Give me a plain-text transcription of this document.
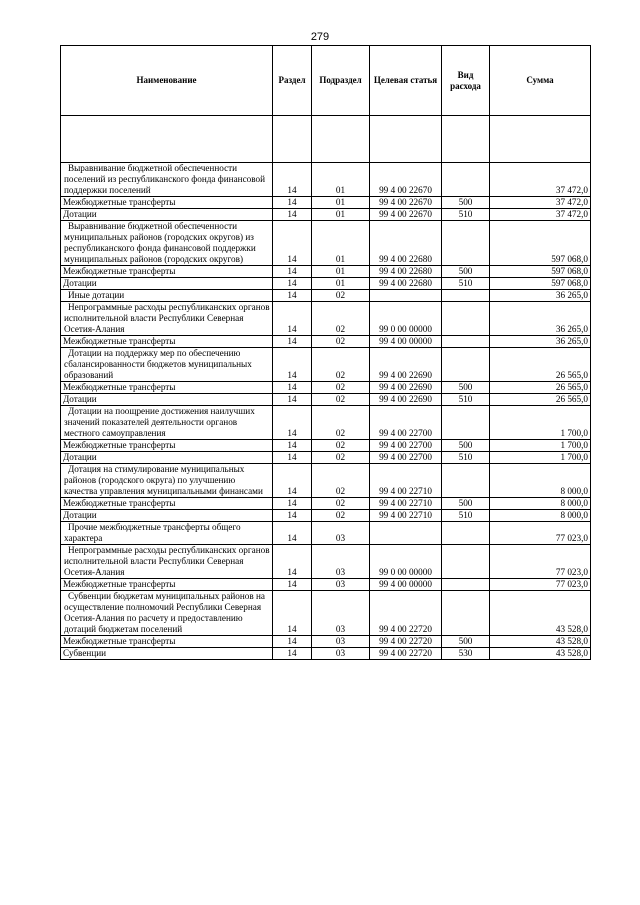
279
Наименование	Раздел	Подраздел	Целевая статья	Вид расхода	Сумма

Выравнивание бюджетной обеспеченности поселений из республиканского фонда финансовой поддержки поселений	14	01	99 4 00 22670		37 472,0
Межбюджетные трансферты	14	01	99 4 00 22670	500	37 472,0
Дотации	14	01	99 4 00 22670	510	37 472,0
Выравнивание бюджетной обеспеченности муниципальных районов (городских округов) из республиканского фонда финансовой поддержки муниципальных районов (городских округов)	14	01	99 4 00 22680		597 068,0
Межбюджетные трансферты	14	01	99 4 00 22680	500	597 068,0
Дотации	14	01	99 4 00 22680	510	597 068,0
Иные дотации	14	02			36 265,0
Непрограммные расходы республиканских органов исполнительной власти Республики Северная Осетия-Алания	14	02	99 0 00 00000		36 265,0
Межбюджетные трансферты	14	02	99 4 00 00000		36 265,0
Дотации на поддержку мер по обеспечению сбалансированности бюджетов муниципальных образований	14	02	99 4 00 22690		26 565,0
Межбюджетные трансферты	14	02	99 4 00 22690	500	26 565,0
Дотации	14	02	99 4 00 22690	510	26 565,0
Дотации на поощрение достижения наилучших значений показателей деятельности органов местного самоуправления	14	02	99 4 00 22700		1 700,0
Межбюджетные трансферты	14	02	99 4 00 22700	500	1 700,0
Дотации	14	02	99 4 00 22700	510	1 700,0
Дотация на стимулирование муниципальных районов (городского округа) по улучшению качества управления муниципальными финансами	14	02	99 4 00 22710		8 000,0
Межбюджетные трансферты	14	02	99 4 00 22710	500	8 000,0
Дотации	14	02	99 4 00 22710	510	8 000,0
Прочие межбюджетные трансферты общего характера	14	03			77 023,0
Непрограммные расходы республиканских органов исполнительной власти Республики Северная Осетия-Алания	14	03	99 0 00 00000		77 023,0
Межбюджетные трансферты	14	03	99 4 00 00000		77 023,0
Субвенции бюджетам муниципальных районов на осуществление полномочий Республики Северная Осетия-Алания по расчету и предоставлению дотаций бюджетам поселений	14	03	99 4 00 22720		43 528,0
Межбюджетные трансферты	14	03	99 4 00 22720	500	43 528,0
Субвенции	14	03	99 4 00 22720	530	43 528,0
